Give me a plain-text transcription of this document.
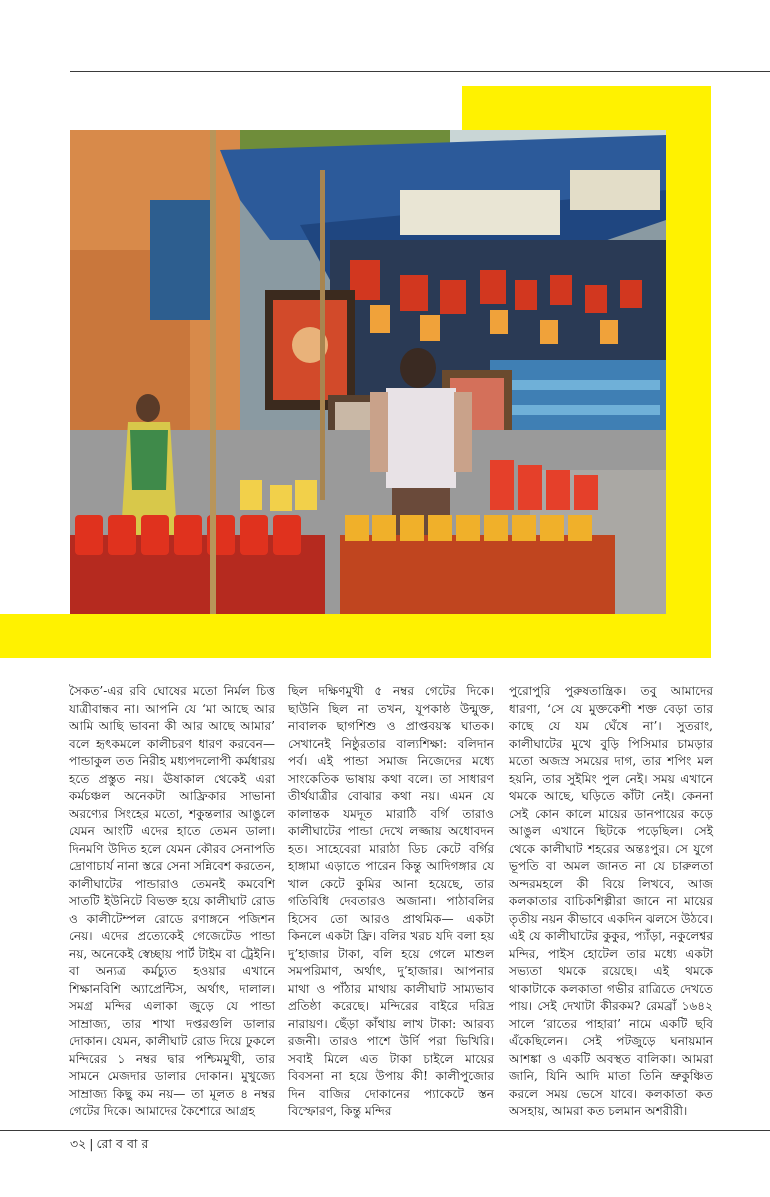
সৈকত’-এর রবি ঘোষের মতো নির্মল চিত্ত যাত্রীবান্ধব না। আপনি যে ‘মা আছে আর আমি আছি ভাবনা কী আর আছে আমার’ বলে হৃৎকমলে কালীচরণ ধারণ করবেন— পান্ডাকুল তত নিরীহ মধ্যপদলোপী কর্মধারয় হতে প্রস্তুত নয়। ঊষাকাল থেকেই এরা কর্মচঞ্চল অনেকটা আফ্রিকার সাভানা অরণ্যের সিংহের মতো, শকুন্তলার আঙুলে যেমন আংটি এদের হাতে তেমন ডালা। দিনমণি উদিত হলে যেমন কৌরব সেনাপতি দ্রোণাচার্য নানা স্তরে সেনা সন্নিবেশ করতেন, কালীঘাটের পান্ডারাও তেমনই কমবেশি সাতটি ইউনিটে বিভক্ত হয়ে কালীঘাট রোড ও কালীটেম্পল রোডে রণাঙ্গনে পজিশন নেয়। এদের প্রত্যেকেই গেজেটেড পান্ডা নয়, অনেকেই স্বেচ্ছায় পার্ট টাইম বা ট্রেইনি। বা অন্যত্র কর্মচ্যুত হওয়ার এখানে শিক্ষানবিশি অ্যাপ্রেন্টিস, অর্থাৎ, দালাল। সমগ্র মন্দির এলাকা জুড়ে যে পান্ডা সাম্রাজ্য, তার শাখা দপ্তরগুলি ডালার দোকান। যেমন, কালীঘাট রোড দিয়ে ঢুকলে মন্দিরের ১ নম্বর দ্বার পশ্চিমমুখী, তার সামনে মেজদার ডালার দোকান। মুখুজ্যে সাম্রাজ্য কিছু কম নয়— তা মূলত ৪ নম্বর গেটের দিকে। আমাদের কৈশোরে আগ্রহ

ছিল দক্ষিণমুখী ৫ নম্বর গেটের দিকে। ছাউনি ছিল না তখন, যূপকাষ্ঠ উন্মুক্ত, নাবালক ছাগশিশু ও প্রাপ্তবয়স্ক ঘাতক। সেখানেই নিষ্ঠুরতার বাল্যশিক্ষা: বলিদান পর্ব। এই পান্ডা সমাজ নিজেদের মধ্যে সাংকেতিক ভাষায় কথা বলে। তা সাধারণ তীর্থযাত্রীর বোঝার কথা নয়। এমন যে কালান্তক যমদূত মারাঠি বর্গি তারাও কালীঘাটের পান্ডা দেখে লজ্জায় অধোবদন হত। সাহেবেরা মারাঠা ডিচ কেটে বর্গির হাঙ্গামা এড়াতে পারেন কিন্তু আদিগঙ্গার যে খাল কেটে কুমির আনা হয়েছে, তার গতিবিধি দেবতারও অজানা। পাঠাবলির হিসেব তো আরও প্রাথমিক— একটা কিনলে একটা ফ্রি। বলির খরচ যদি বলা হয় দু’হাজার টাকা, বলি হয়ে গেলে মাশুল সমপরিমাণ, অর্থাৎ, দু’হাজার। আপনার মাথা ও পাঁঠার মাথায় কালীঘাট সাম্যভাব প্রতিষ্ঠা করেছে। মন্দিরের বাইরে দরিদ্র নারায়ণ। ছেঁড়া কাঁথায় লাখ টাকা: আরব্য রজনী। তারও পাশে উর্দি পরা ভিখিরি। সবাই মিলে এত টাকা চাইলে মায়ের বিবসনা না হয়ে উপায় কী! কালীপুজোর দিন বাজির দোকানের প্যাকেটে স্তন বিস্ফোরণ, কিন্তু মন্দির

পুরোপুরি পুরুষতান্ত্রিক। তবু আমাদের ধারণা, ‘সে যে মুক্তকেশী শক্ত বেড়া তার কাছে যে যম ঘেঁষে না’। সুতরাং, কালীঘাটের মুখে বুড়ি পিসিমার চামড়ার মতো অজস্র সময়ের দাগ, তার শপিং মল হয়নি, তার সুইমিং পুল নেই। সময় এখানে থমকে আছে, ঘড়িতে কাঁটা নেই। কেননা সেই কোন কালে মায়ের ডানপায়ের কড়ে আঙুল এখানে ছিটকে পড়েছিল। সেই থেকে কালীঘাট শহরের অন্তঃপুর। সে যুগে ভূপতি বা অমল জানত না যে চারুলতা অন্দরমহলে কী বিয়ে লিখবে, আজ কলকাতার বাচিকশিল্পীরা জানে না মায়ের তৃতীয় নয়ন কীভাবে একদিন ঝলসে উঠবে। এই যে কালীঘাটের কুকুর, প্যাঁড়া, নকুলেশ্বর মন্দির, পাইস হোটেল তার মধ্যে একটা সভ্যতা থমকে রয়েছে। এই থমকে থাকাটাকে কলকাতা গভীর রাত্রিতে দেখতে পায়। সেই দেখাটা কীরকম? রেমব্রাঁ ১৬৪২ সালে ‘রাতের পাহারা’ নামে একটি ছবি এঁকেছিলেন। সেই পটজুড়ে ঘনায়মান আশঙ্কা ও একটি অবস্থত বালিকা। আমরা জানি, যিনি আদি মাতা তিনি ভ্রুকুঞ্চিত করলে সময় ভেসে যাবে। কলকাতা কত অসহায়, আমরা কত চলমান অশরীরী।

৩২ | রো ব বা র
